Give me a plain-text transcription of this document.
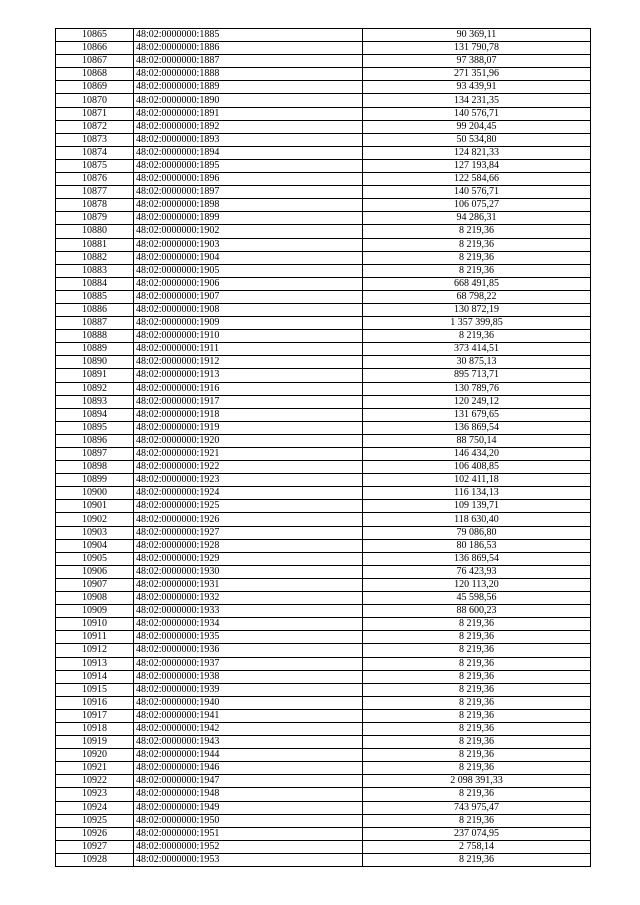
10865	48:02:0000000:1885	90 369,11
10866	48:02:0000000:1886	131 790,78
10867	48:02:0000000:1887	97 388,07
10868	48:02:0000000:1888	271 351,96
10869	48:02:0000000:1889	93 439,91
10870	48:02:0000000:1890	134 231,35
10871	48:02:0000000:1891	140 576,71
10872	48:02:0000000:1892	99 204,45
10873	48:02:0000000:1893	50 534,80
10874	48:02:0000000:1894	124 821,33
10875	48:02:0000000:1895	127 193,84
10876	48:02:0000000:1896	122 584,66
10877	48:02:0000000:1897	140 576,71
10878	48:02:0000000:1898	106 075,27
10879	48:02:0000000:1899	94 286,31
10880	48:02:0000000:1902	8 219,36
10881	48:02:0000000:1903	8 219,36
10882	48:02:0000000:1904	8 219,36
10883	48:02:0000000:1905	8 219,36
10884	48:02:0000000:1906	668 491,85
10885	48:02:0000000:1907	68 798,22
10886	48:02:0000000:1908	130 872,19
10887	48:02:0000000:1909	1 357 399,85
10888	48:02:0000000:1910	8 219,36
10889	48:02:0000000:1911	373 414,51
10890	48:02:0000000:1912	30 875,13
10891	48:02:0000000:1913	895 713,71
10892	48:02:0000000:1916	130 789,76
10893	48:02:0000000:1917	120 249,12
10894	48:02:0000000:1918	131 679,65
10895	48:02:0000000:1919	136 869,54
10896	48:02:0000000:1920	88 750,14
10897	48:02:0000000:1921	146 434,20
10898	48:02:0000000:1922	106 408,85
10899	48:02:0000000:1923	102 411,18
10900	48:02:0000000:1924	116 134,13
10901	48:02:0000000:1925	109 139,71
10902	48:02:0000000:1926	118 630,40
10903	48:02:0000000:1927	79 086,80
10904	48:02:0000000:1928	80 186,53
10905	48:02:0000000:1929	136 869,54
10906	48:02:0000000:1930	76 423,93
10907	48:02:0000000:1931	120 113,20
10908	48:02:0000000:1932	45 598,56
10909	48:02:0000000:1933	88 600,23
10910	48:02:0000000:1934	8 219,36
10911	48:02:0000000:1935	8 219,36
10912	48:02:0000000:1936	8 219,36
10913	48:02:0000000:1937	8 219,36
10914	48:02:0000000:1938	8 219,36
10915	48:02:0000000:1939	8 219,36
10916	48:02:0000000:1940	8 219,36
10917	48:02:0000000:1941	8 219,36
10918	48:02:0000000:1942	8 219,36
10919	48:02:0000000:1943	8 219,36
10920	48:02:0000000:1944	8 219,36
10921	48:02:0000000:1946	8 219,36
10922	48:02:0000000:1947	2 098 391,33
10923	48:02:0000000:1948	8 219,36
10924	48:02:0000000:1949	743 975,47
10925	48:02:0000000:1950	8 219,36
10926	48:02:0000000:1951	237 074,95
10927	48:02:0000000:1952	2 758,14
10928	48:02:0000000:1953	8 219,36
